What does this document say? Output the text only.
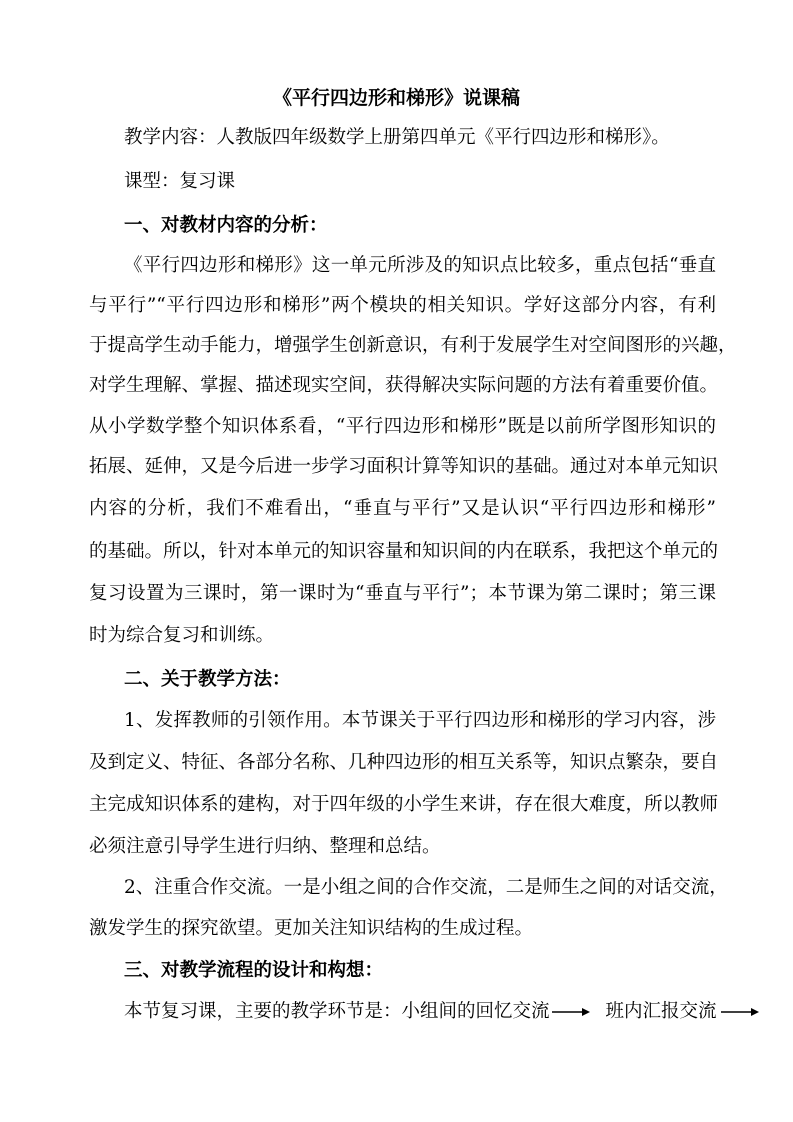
《平行四边形和梯形》说课稿
教学内容：人教版四年级数学上册第四单元《平行四边形和梯形》。
课型：复习课
一、对教材内容的分析：
《平行四边形和梯形》这一单元所涉及的知识点比较多，重点包括“垂直
与平行”“平行四边形和梯形”两个模块的相关知识。学好这部分内容，有利
于提高学生动手能力，增强学生创新意识，有利于发展学生对空间图形的兴趣，
对学生理解、掌握、描述现实空间，获得解决实际问题的方法有着重要价值。
从小学数学整个知识体系看，“平行四边形和梯形”既是以前所学图形知识的
拓展、延伸，又是今后进一步学习面积计算等知识的基础。通过对本单元知识
内容的分析，我们不难看出，“垂直与平行”又是认识“平行四边形和梯形”
的基础。所以，针对本单元的知识容量和知识间的内在联系，我把这个单元的
复习设置为三课时，第一课时为“垂直与平行”；本节课为第二课时；第三课
时为综合复习和训练。
二、关于教学方法：
1、发挥教师的引领作用。本节课关于平行四边形和梯形的学习内容，涉
及到定义、特征、各部分名称、几种四边形的相互关系等，知识点繁杂，要自
主完成知识体系的建构，对于四年级的小学生来讲，存在很大难度，所以教师
必须注意引导学生进行归纳、整理和总结。
2、注重合作交流。一是小组之间的合作交流，二是师生之间的对话交流，
激发学生的探究欲望。更加关注知识结构的生成过程。
三、对教学流程的设计和构想：
本节复习课，主要的教学环节是：小组间的回忆交流	班内汇报交流
